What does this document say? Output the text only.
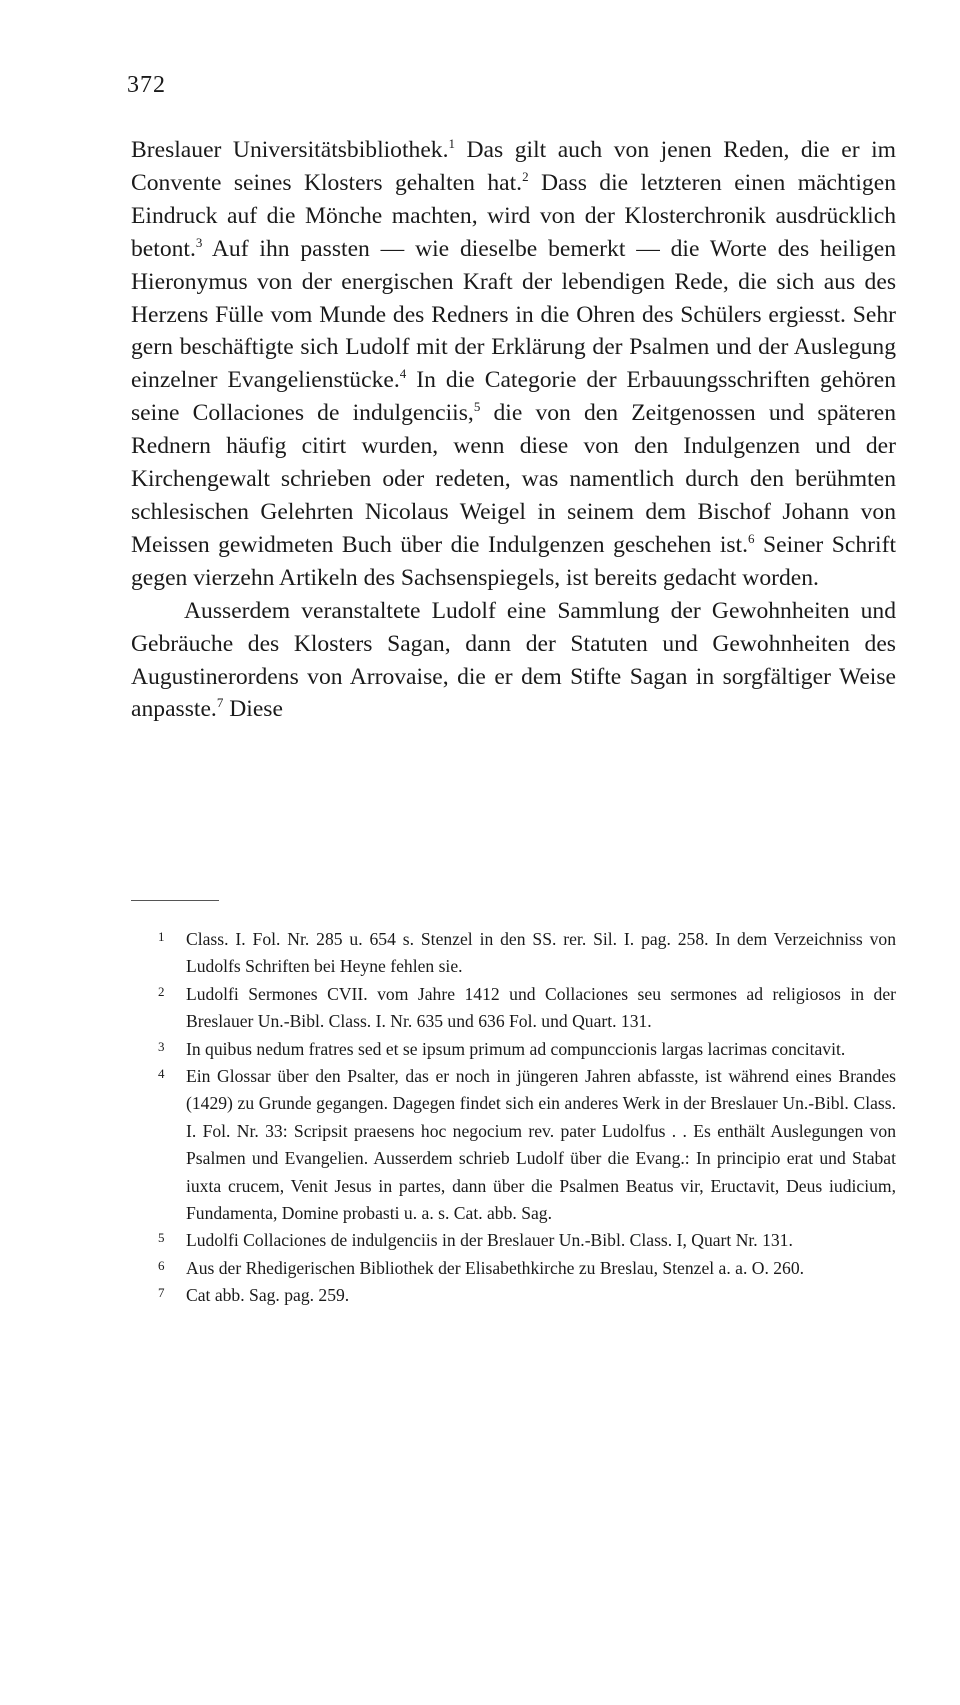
372

Breslauer Universitätsbibliothek.$^1$ Das gilt auch von jenen Reden, die er im Convente seines Klosters gehalten hat.$^2$ Dass die letzteren einen mächtigen Eindruck auf die Mönche machten, wird von der Klosterchronik ausdrücklich betont.$^3$ Auf ihn passten — wie dieselbe bemerkt — die Worte des heiligen Hieronymus von der energischen Kraft der lebendigen Rede, die sich aus des Herzens Fülle vom Munde des Redners in die Ohren des Schülers ergiesst. Sehr gern beschäftigte sich Ludolf mit der Erklärung der Psalmen und der Auslegung einzelner Evangelienstücke.$^4$ In die Categorie der Erbauungsschriften gehören seine Collaciones de indulgenciis,$^5$ die von den Zeitgenossen und späteren Rednern häufig citirt wurden, wenn diese von den Indulgenzen und der Kirchengewalt schrieben oder redeten, was namentlich durch den berühmten schlesischen Gelehrten Nicolaus Weigel in seinem dem Bischof Johann von Meissen gewidmeten Buch über die Indulgenzen geschehen ist.$^6$ Seiner Schrift gegen vierzehn Artikeln des Sachsenspiegels, ist bereits gedacht worden.

Ausserdem veranstaltete Ludolf eine Sammlung der Gewohnheiten und Gebräuche des Klosters Sagan, dann der Statuten und Gewohnheiten des Augustinerordens von Arrovaise, die er dem Stifte Sagan in sorgfältiger Weise anpasste.$^7$ Diese

1	Class. I. Fol. Nr. 285 u. 654 s. Stenzel in den SS. rer. Sil. I. pag. 258. In dem Verzeichniss von Ludolfs Schriften bei Heyne fehlen sie.
2	Ludolfi Sermones CVII. vom Jahre 1412 und Collaciones seu sermones ad religiosos in der Breslauer Un.-Bibl. Class. I. Nr. 635 und 636 Fol. und Quart. 131.
3	In quibus nedum fratres sed et se ipsum primum ad compunccionis largas lacrimas concitavit.
4	Ein Glossar über den Psalter, das er noch in jüngeren Jahren abfasste, ist während eines Brandes (1429) zu Grunde gegangen. Dagegen findet sich ein anderes Werk in der Breslauer Un.-Bibl. Class. I. Fol. Nr. 33: Scripsit praesens hoc negocium rev. pater Ludolfus . . Es enthält Auslegungen von Psalmen und Evangelien. Ausserdem schrieb Ludolf über die Evang.: In principio erat und Stabat iuxta crucem, Venit Jesus in partes, dann über die Psalmen Beatus vir, Eructavit, Deus iudicium, Fundamenta, Domine probasti u. a. s. Cat. abb. Sag.
5	Ludolfi Collaciones de indulgenciis in der Breslauer Un.-Bibl. Class. I, Quart Nr. 131.
6	Aus der Rhedigerischen Bibliothek der Elisabethkirche zu Breslau, Stenzel a. a. O. 260.
7	Cat abb. Sag. pag. 259.
